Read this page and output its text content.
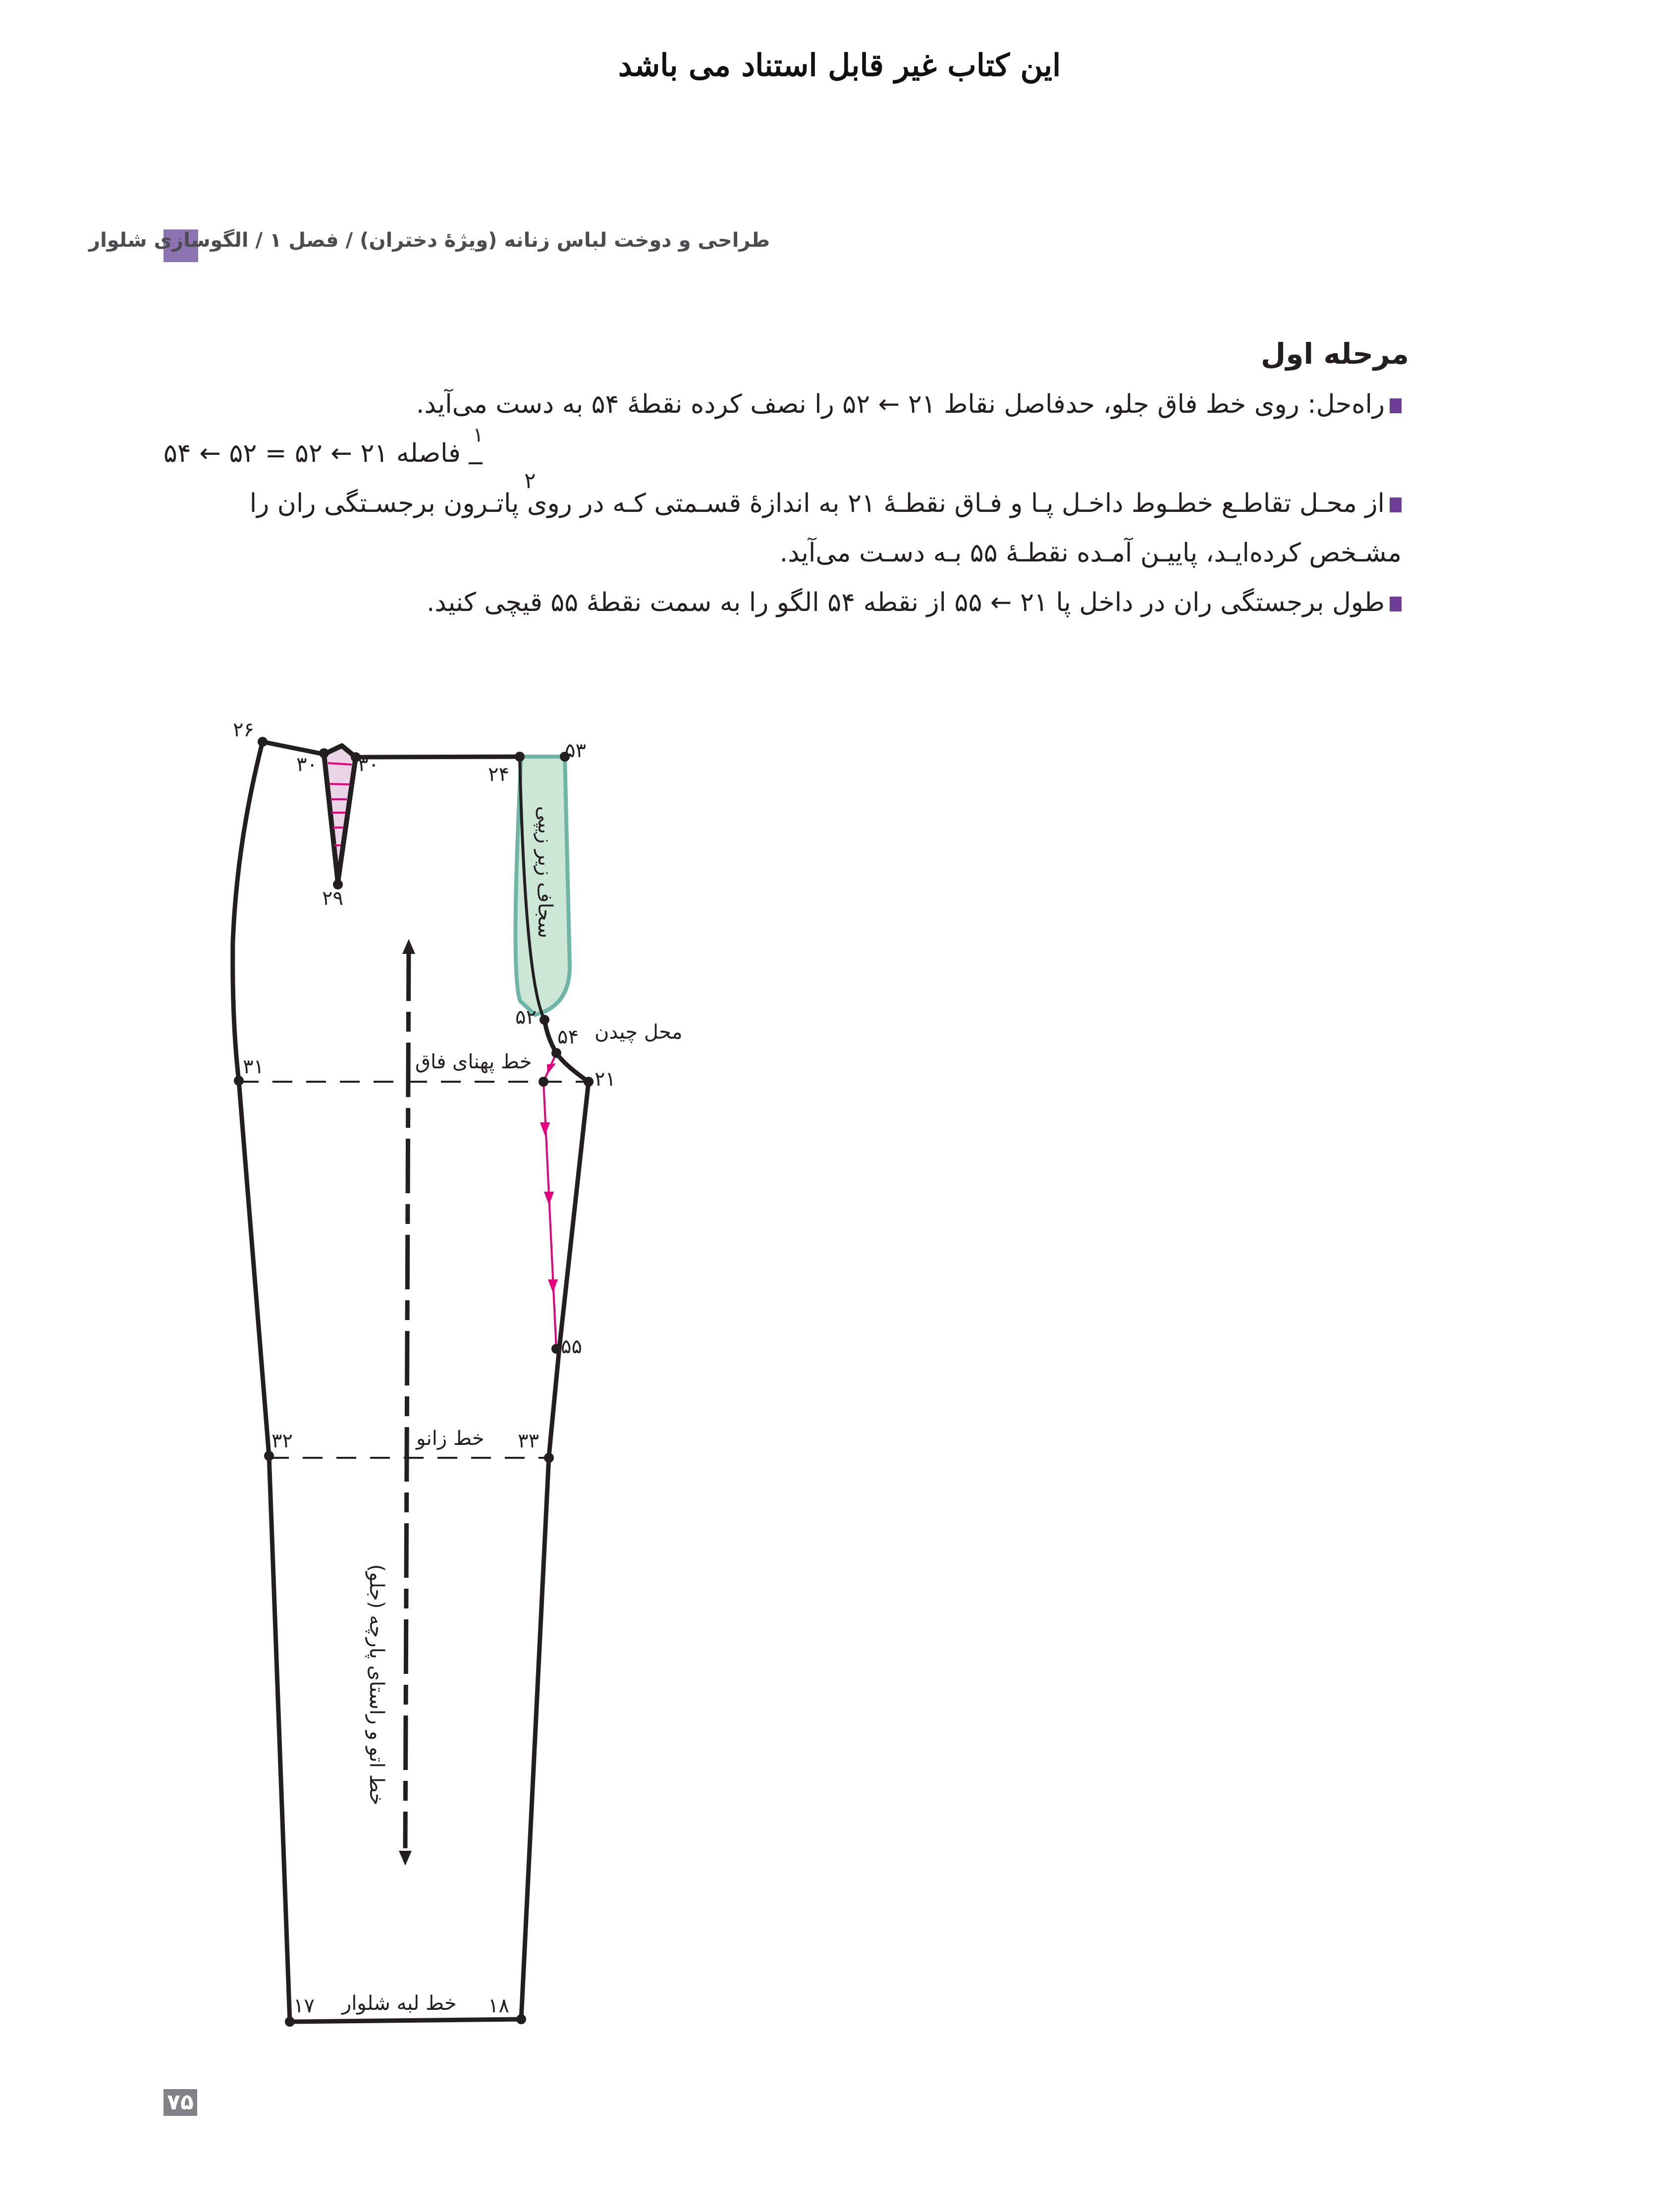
این کتاب غیر قابل استناد می باشد
طراحی و دوخت لباس زنانه (ویژهٔ دختران) / فصل ۱ / الگوسازی شلوار
مرحله اول
راه‌حل: روی خط فاق جلو، حدفاصل نقاط ۲۱ ← ۵۲ را نصف کرده نقطهٔ ۵۴ به دست می‌آید.
۱
فاصله ۲۱ ← ۵۲ = ۵۲ ← ۵۴
۲
از محـل تقاطـع خطـوط داخـل پـا و فـاق نقطـهٔ ۲۱ به اندازهٔ قسـمتی کـه در روی پاتـرون برجسـتگی ران را
مشـخص کرده‌ایـد، پاییـن آمـده نقطـهٔ ۵۵ بـه دسـت می‌آید.
طول برجستگی ران در داخل پا ۲۱ ← ۵۵ از نقطه ۵۴ الگو را به سمت نقطهٔ ۵۵ قیچی کنید.
۲۶
۳۰ ۳۰َ	۲۴
۵۳
۲۹
۵۲
۵۴ محل چیدن
۲۱
۳۱	خط پهنای فاق
۵۵
۳۲	خط زانو ۳۳
۱۷ خط لبه شلوار ۱۸
سجاف زیر زیپی
خط اتو و راستای پارچه (جلو)
۷۵
